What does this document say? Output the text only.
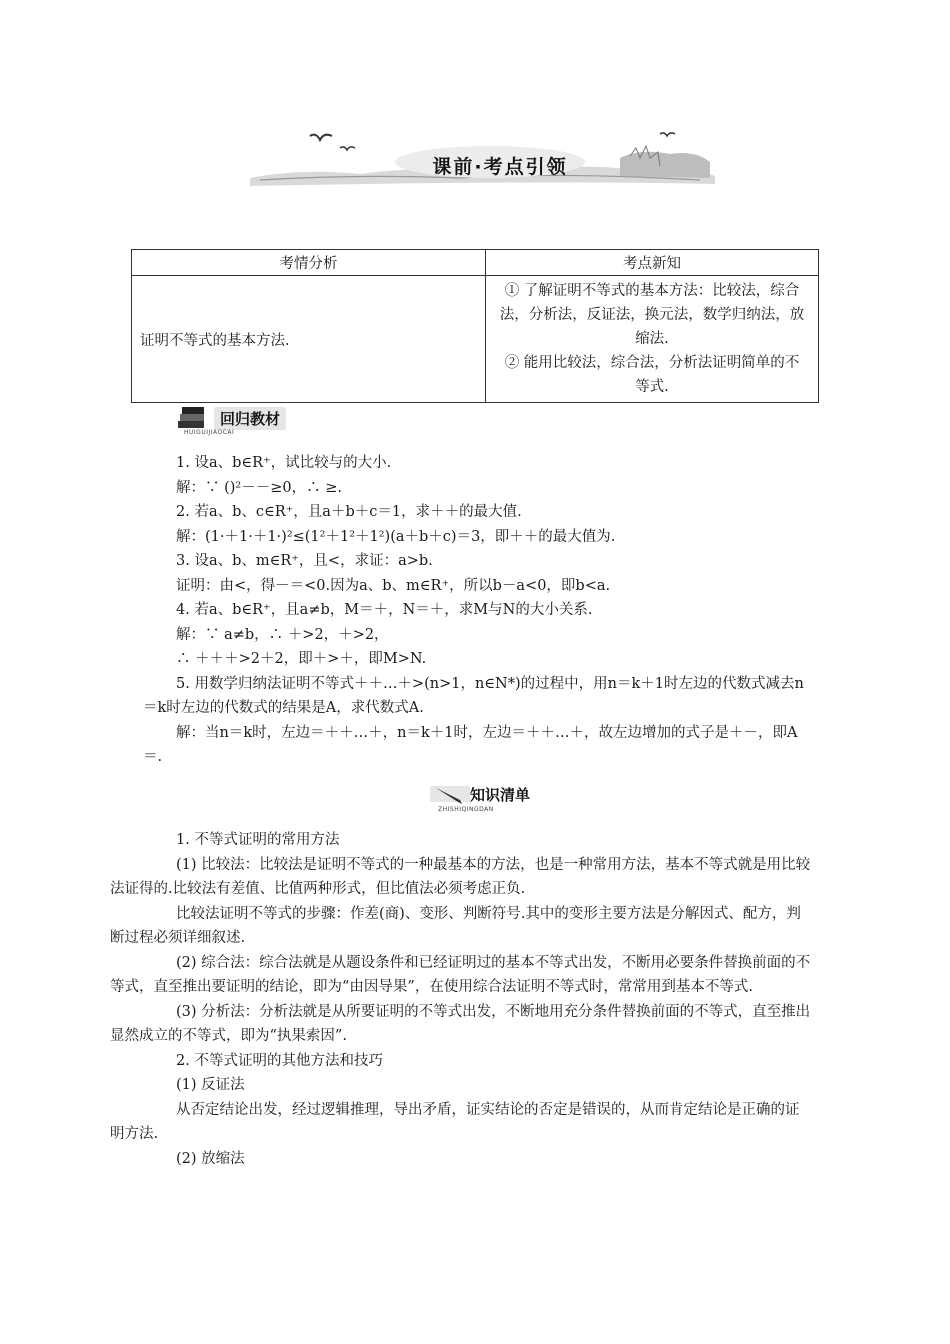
课前·考点引领
考情分析	考点新知
证明不等式的基本方法.	① 了解证明不等式的基本方法：比较法，综合
法，分析法，反证法，换元法，数学归纳法，放
缩法.
② 能用比较法，综合法，分析法证明简单的不
等式.
回归教材
HUIGUIJIAOCAI

1. 设a、b∈R⁺，试比较与的大小.

解：∵ ()²－－≥0，∴ ≥.

2. 若a、b、c∈R⁺，且a＋b＋c＝1，求＋＋的最大值.

解：(1·＋1·＋1·)²≤(1²＋1²＋1²)(a＋b＋c)＝3，即＋＋的最大值为.

3. 设a、b、m∈R⁺，且<，求证：a>b.

证明：由<，得－＝<0.因为a、b、m∈R⁺，所以b－a<0，即b<a.

4. 若a、b∈R⁺，且a≠b，M＝＋，N＝＋，求M与N的大小关系.

解：∵ a≠b，∴ ＋>2，＋>2，

∴ ＋＋＋>2＋2，即＋>＋，即M>N.

5. 用数学归纳法证明不等式＋＋…＋>(n>1，n∈N*)的过程中，用n＝k＋1时左边的代数式减去n＝k时左边的代数式的结果是A，求代数式A.

解：当n＝k时，左边＝＋＋…＋，n＝k＋1时，左边＝＋＋…＋，故左边增加的式子是＋－，即A＝.

知识清单
ZHISHIQINGDAN

1. 不等式证明的常用方法

(1) 比较法：比较法是证明不等式的一种最基本的方法，也是一种常用方法，基本不等式就是用比较法证得的.比较法有差值、比值两种形式，但比值法必须考虑正负.

比较法证明不等式的步骤：作差(商)、变形、判断符号.其中的变形主要方法是分解因式、配方，判断过程必须详细叙述.

(2) 综合法：综合法就是从题设条件和已经证明过的基本不等式出发，不断用必要条件替换前面的不等式，直至推出要证明的结论，即为“由因导果”，在使用综合法证明不等式时，常常用到基本不等式.

(3) 分析法：分析法就是从所要证明的不等式出发，不断地用充分条件替换前面的不等式，直至推出显然成立的不等式，即为“执果索因”.

2. 不等式证明的其他方法和技巧

(1) 反证法

从否定结论出发，经过逻辑推理，导出矛盾，证实结论的否定是错误的，从而肯定结论是正确的证明方法.

(2) 放缩法
